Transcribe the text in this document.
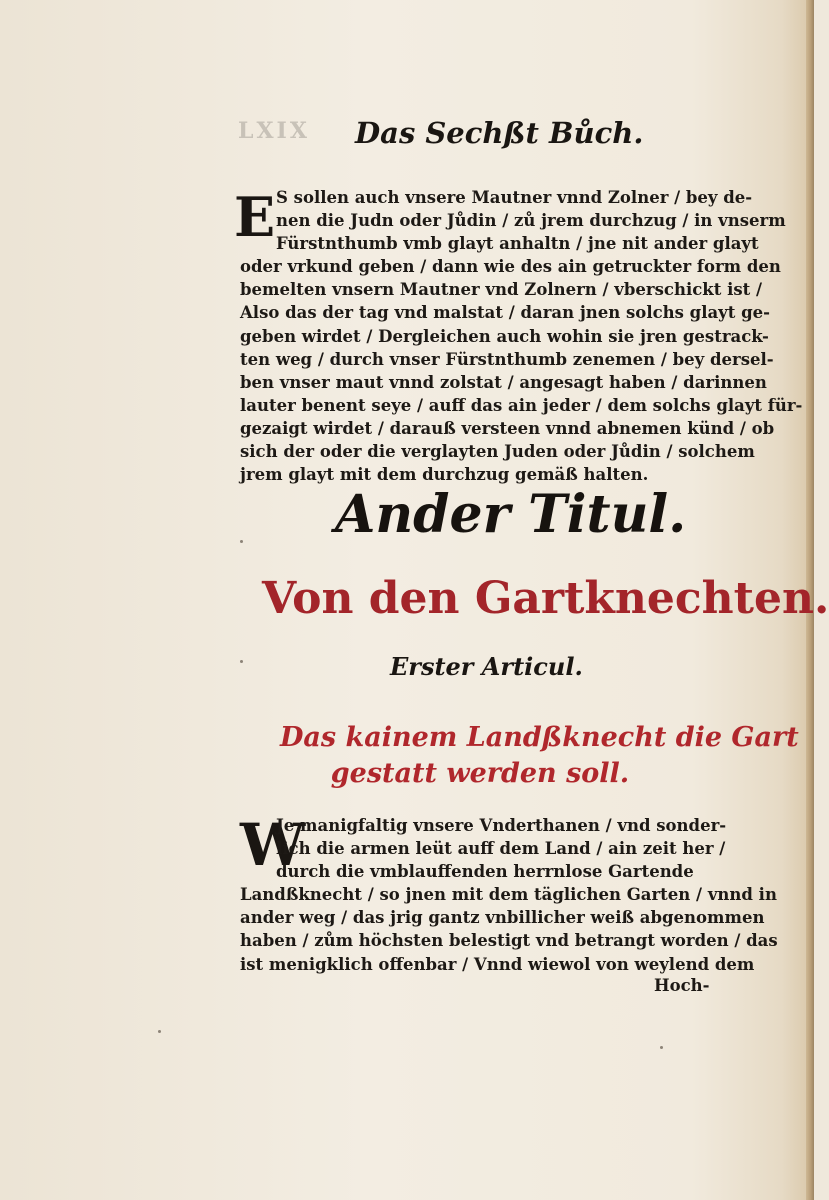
LXIX Das Sechßt Bůch.
E S sollen auch vnsere Mautner vnnd Zolner / bey de-
nen die Judn oder Jůdin / zů jrem durchzug / in vnserm
Fürstnthumb vmb glayt anhaltn / jne nit ander glayt
oder vrkund geben / dann wie des ain getruckter form den
bemelten vnsern Mautner vnd Zolnern / vberschickt ist /
Also das der tag vnd malstat / daran jnen solchs glayt ge-
geben wirdet / Dergleichen auch wohin sie jren gestrack-
ten weg / durch vnser Fürstnthumb zenemen / bey dersel-
ben vnser maut vnnd zolstat / angesagt haben / darinnen
lauter benent seye / auff das ain jeder / dem solchs glayt für-
gezaigt wirdet / darauß versteen vnnd abnemen künd / ob
sich der oder die verglayten Juden oder Jůdin / solchem
jrem glayt mit dem durchzug gemäß halten.
Ander Titul.
Von den Gartknechten.
Erster Articul.
Das kainem Landßknecht die Gart
gestatt werden soll.
W
Je manigfaltig vnsere Vnderthanen / vnd sonder-
lich die armen leüt auff dem Land / ain zeit her /
durch die vmblauffenden herrnlose Gartende
Landßknecht / so jnen mit dem täglichen Garten / vnnd in
ander weg / das jrig gantz vnbillicher weiß abgenommen
haben / zům höchsten belestigt vnd betrangt worden / das
ist menigklich offenbar / Vnnd wiewol von weylend dem
Hoch-
